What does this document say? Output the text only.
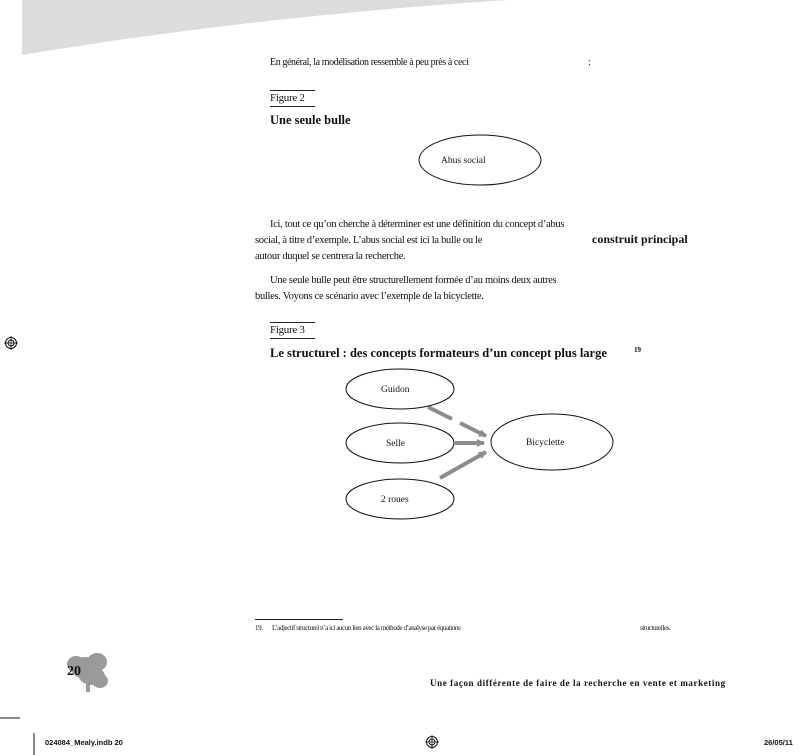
En général, la modélisation ressemble à peu près à ceci	:
Figure 2
Une seule bulle
Ici, tout ce qu’on cherche à déterminer est une définition du concept d’abus
social, à titre d’exemple. L’abus social est ici la bulle ou le	construit principal
autour duquel se centrera la recherche.
Une seule bulle peut être structurellement formée d’au moins deux autres
bulles. Voyons ce scénario avec l’exemple de la bicyclette.
Figure 3
Le structurel : des concepts formateurs d’un concept plus large	19
Abus social
Guidon
Selle
2 roues
Bicyclette
19. L’adjectif structurel n’a ici aucun lien avec la méthode d’analyse par équations	structurelles.
20
Une façon différente de faire de la recherche en vente et marketing
024084_Mealy.indb 20	26/05/11
